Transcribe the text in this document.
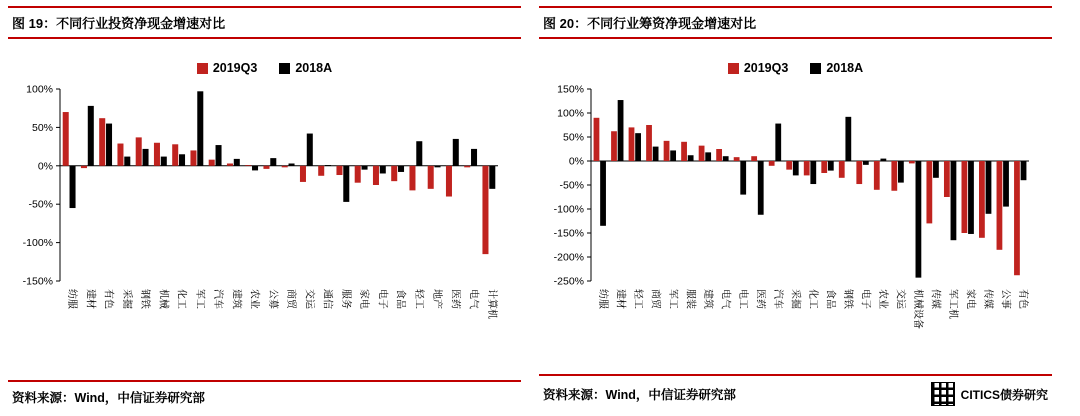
图 19：不同行业投资净现金增速对比
2019Q3	2018A
100%
50%
0%
-50%
-100%
-150%
纺服 建材 有色 采掘 钢铁 机械 化工 军工 汽车 建筑 农业 公募 商贸 交运 通信 服务 家电 电子 食品 轻工 地产 医药 电气 计算机
资料来源：Wind，中信证券研究部
图 20：不同行业筹资净现金增速对比
2019Q3	2018A
150%
100%
50%
0%
-50%
-100%
-150%
-200%
-250%
纺服 建材 轻工 商贸 军工 服装 建筑 电气 电工 医药 汽车 采掘 化工 食品 钢铁 电子 农业 交运 机械设备 传媒 军工机 家电 传媒 公事 有色
资料来源：Wind，中信证券研究部	CITICS债券研究
